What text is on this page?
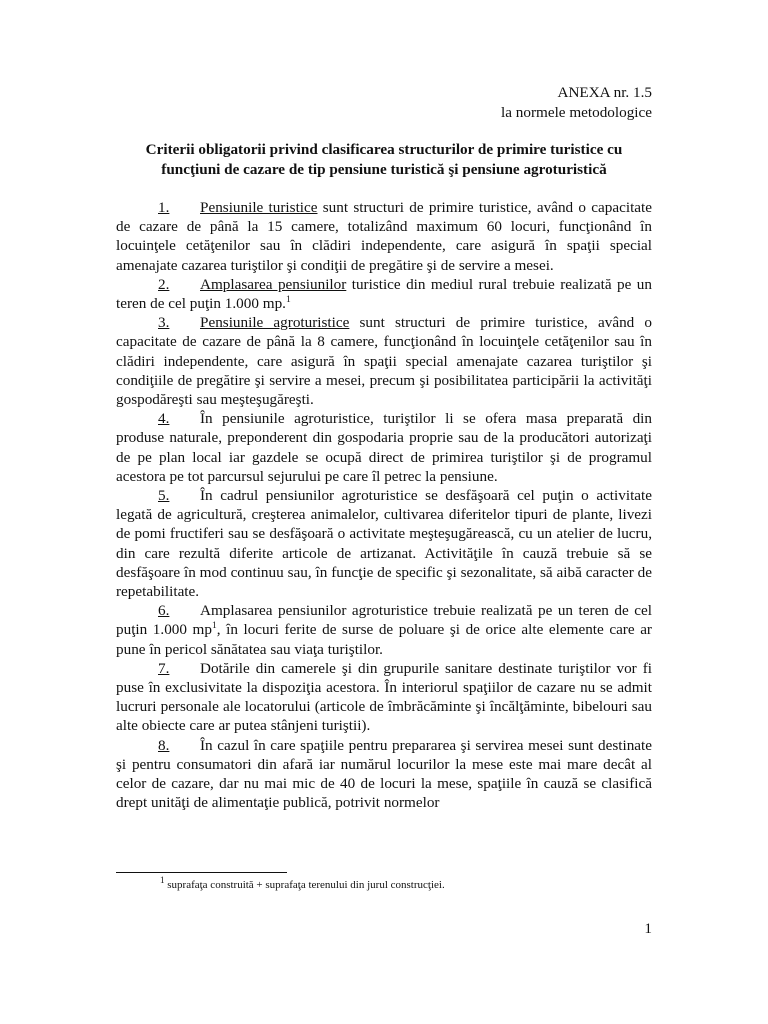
ANEXA nr. 1.5
la normele metodologice
Criterii obligatorii privind clasificarea structurilor de primire turistice cu funcţiuni de cazare de tip pensiune turistică şi pensiune agroturistică

1. Pensiunile turistice sunt structuri de primire turistice, având o capacitate de cazare de până la 15 camere, totalizând maximum 60 locuri, funcţionând în locuinţele cetăţenilor sau în clădiri independente, care asigură în spaţii special amenajate cazarea turiştilor şi condiţii de pregătire şi de servire a mesei.

2. Amplasarea pensiunilor turistice din mediul rural trebuie realizată pe un teren de cel puţin 1.000 mp.$^1$

3. Pensiunile agroturistice sunt structuri de primire turistice, având o capacitate de cazare de până la 8 camere, funcţionând în locuinţele cetăţenilor sau în clădiri independente, care asigură în spaţii special amenajate cazarea turiştilor şi condiţiile de pregătire şi servire a mesei, precum şi posibilitatea participării la activităţi gospodăreşti sau meşteşugăreşti.

4. În pensiunile agroturistice, turiştilor li se ofera masa preparată din produse naturale, preponderent din gospodaria proprie sau de la producători autorizaţi de pe plan local iar gazdele se ocupă direct de primirea turiştilor şi de programul acestora pe tot parcursul sejurului pe care îl petrec la pensiune.

5. În cadrul pensiunilor agroturistice se desfăşoară cel puţin o activitate legată de agricultură, creşterea animalelor, cultivarea diferitelor tipuri de plante, livezi de pomi fructiferi sau se desfăşoară o activitate meşteşugărească, cu un atelier de lucru, din care rezultă diferite articole de artizanat. Activităţile în cauză trebuie să se desfăşoare în mod continuu sau, în funcţie de specific şi sezonalitate, să aibă caracter de repetabilitate.

6. Amplasarea pensiunilor agroturistice trebuie realizată pe un teren de cel puţin 1.000 $mp^1$, în locuri ferite de surse de poluare şi de orice alte elemente care ar pune în pericol sănătatea sau viaţa turiştilor.

7. Dotările din camerele şi din grupurile sanitare destinate turiştilor vor fi puse în exclusivitate la dispoziţia acestora. În interiorul spaţiilor de cazare nu se admit lucruri personale ale locatorului (articole de îmbrăcăminte şi încălţăminte, bibelouri sau alte obiecte care ar putea stânjeni turiştii).

8. În cazul în care spaţiile pentru prepararea şi servirea mesei sunt destinate şi pentru consumatori din afară iar numărul locurilor la mese este mai mare decât al celor de cazare, dar nu mai mic de 40 de locuri la mese, spaţiile în cauză se clasifică drept unităţi de alimentaţie publică, potrivit normelor

$^1$ suprafaţa construită + suprafaţa terenului din jurul construcţiei.
1
